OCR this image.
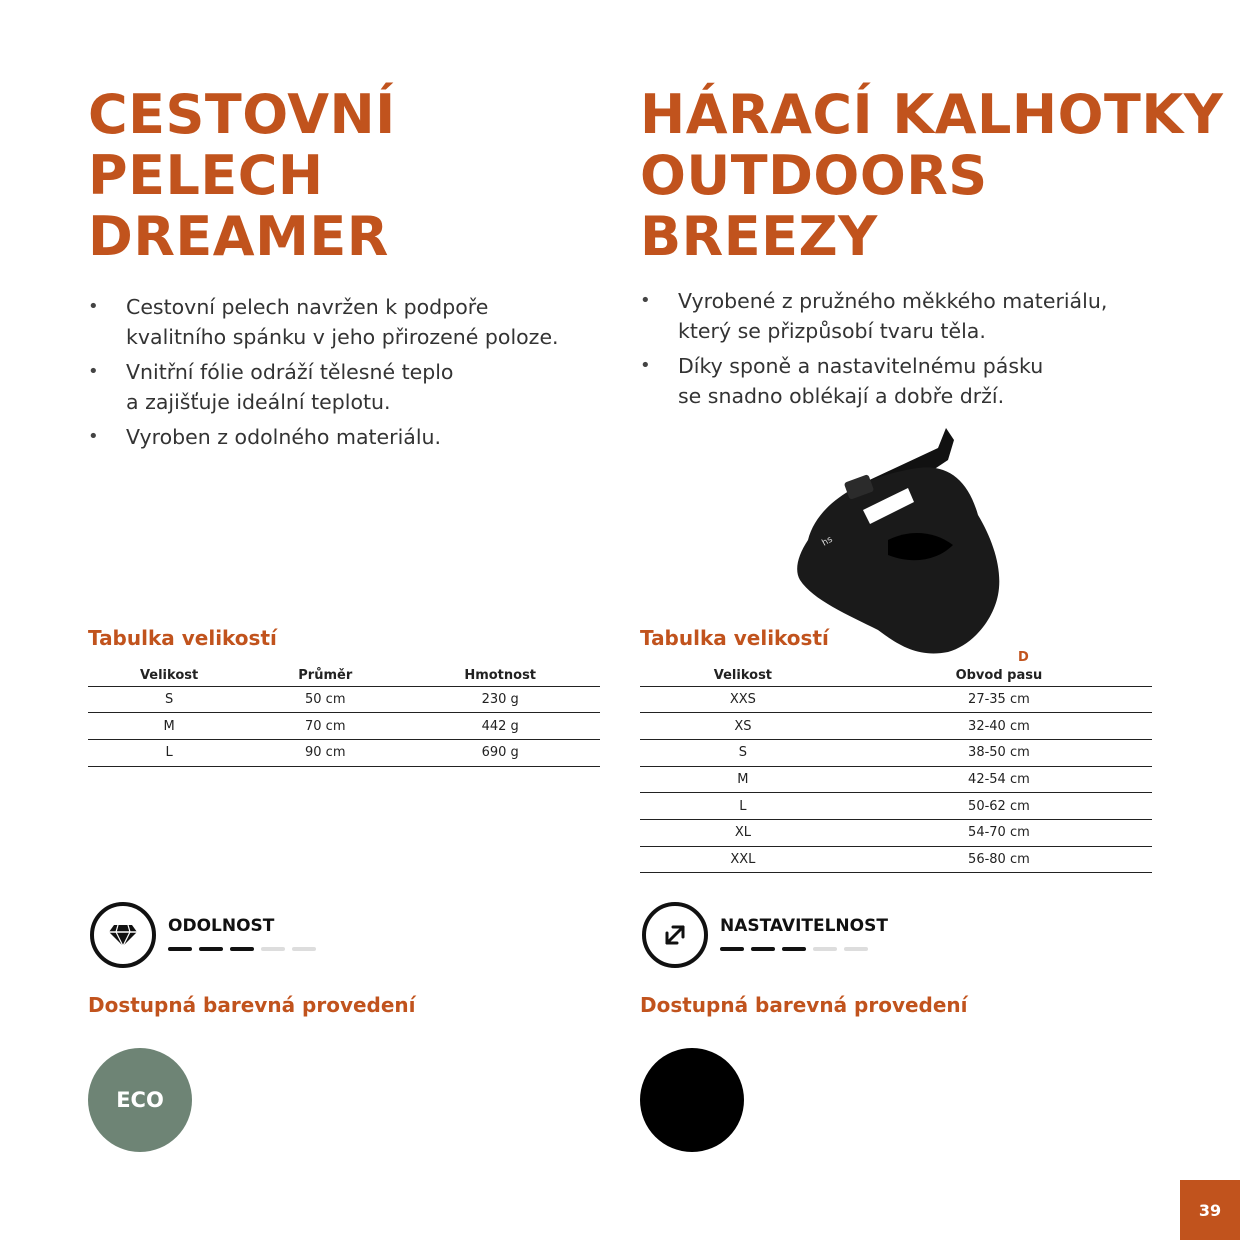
CESTOVNÍ
PELECH
DREAMER
• Cestovní pelech navržen k podpoře
kvalitního spánku v jeho přirozené poloze.
• Vnitřní fólie odráží tělesné teplo
a zajišťuje ideální teplotu.
• Vyroben z odolného materiálu.
Tabulka velikostí
Velikost	Průměr	Hmotnost
S	50 cm	230 g
M	70 cm	442 g
L	90 cm	690 g
ODOLNOST
Dostupná barevná provedení
ECO
HÁRACÍ KALHOTKY
OUTDOORS
BREEZY
• Vyrobené z pružného měkkého materiálu,
který se přizpůsobí tvaru těla.
• Díky sponě a nastavitelnému pásku
se snadno oblékají a dobře drží.
Tabulka velikostí
Velikost	Obvod pasu
XXS	27-35 cm
XS	32-40 cm
S	38-50 cm
M	42-54 cm
L	50-62 cm
XL	54-70 cm
XXL	56-80 cm
NASTAVITELNOST
Dostupná barevná provedení
hs
D
39
